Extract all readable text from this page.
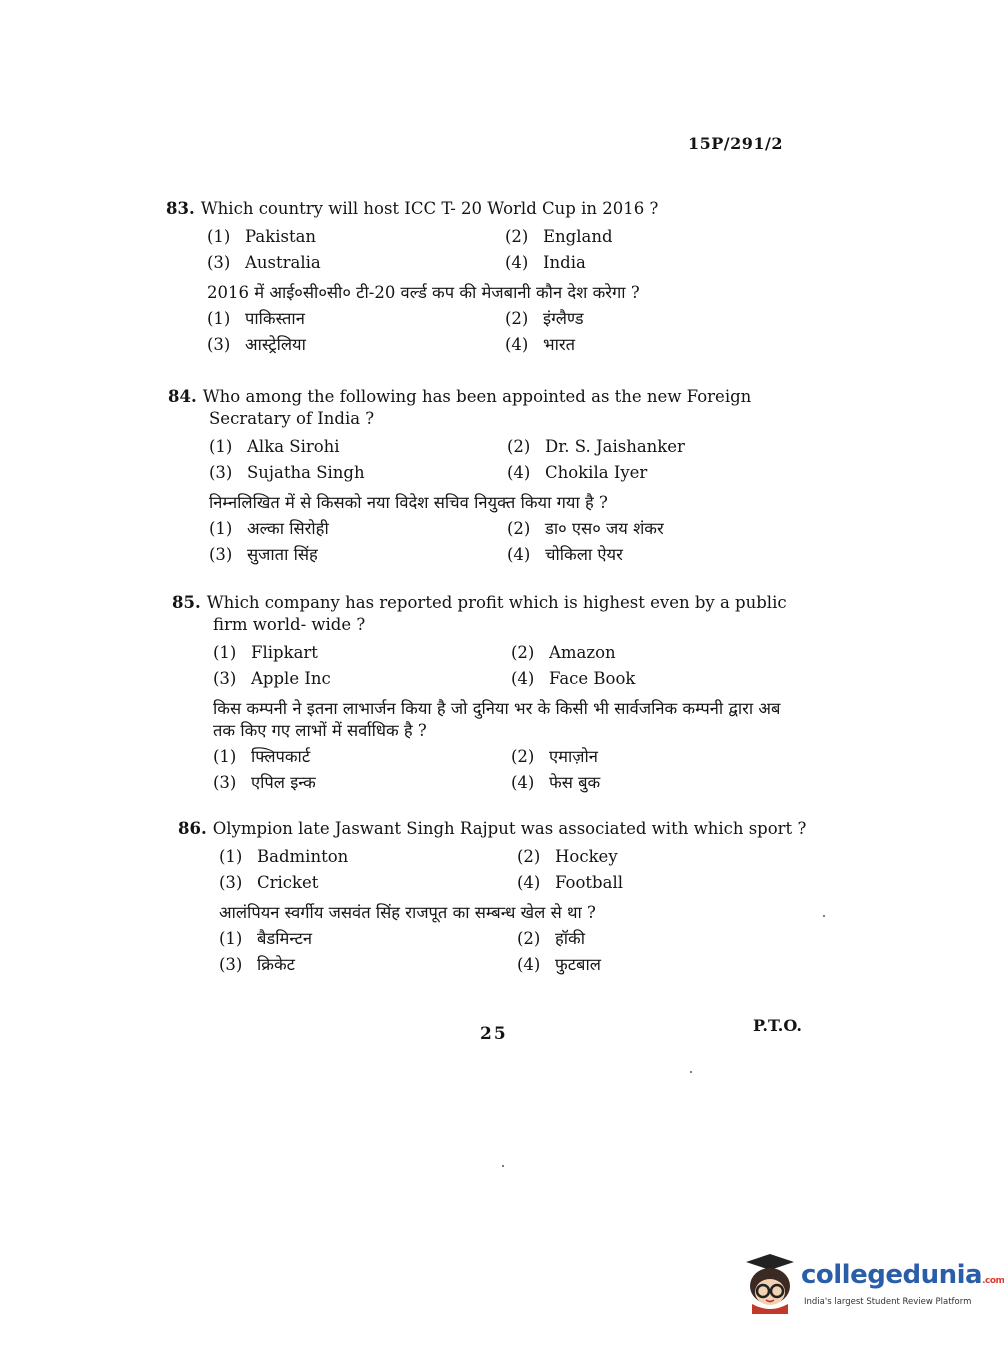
15P/291/2
83. Which country will host ICC T- 20 World Cup in 2016 ?
(1) Pakistan	(2) England
(3) Australia	(4) India
2016 में आई०सी०सी० टी-20 वर्ल्ड कप की मेजबानी कौन देश करेगा ?
(1) पाकिस्तान	(2) इंग्लैण्ड
(3) आस्ट्रेलिया	(4) भारत
84. Who among the following has been appointed as the new Foreign
Secratary of India ?
(1) Alka Sirohi	(2) Dr. S. Jaishanker
(3) Sujatha Singh	(4) Chokila Iyer
निम्नलिखित में से किसको नया विदेश सचिव नियुक्त किया गया है ?
(1) अल्का सिरोही	(2) डा० एस० जय शंकर
(3) सुजाता सिंह	(4) चोकिला ऐयर
85. Which company has reported profit which is highest even by a public
firm world- wide ?
(1) Flipkart	(2) Amazon
(3) Apple Inc	(4) Face Book
किस कम्पनी ने इतना लाभार्जन किया है जो दुनिया भर के किसी भी सार्वजनिक कम्पनी द्वारा अब तक किए गए लाभों में सर्वाधिक है ?
(1) फ्लिपकार्ट	(2) एमाज़ोन
(3) एपिल इन्क	(4) फेस बुक
86. Olympion late Jaswant Singh Rajput was associated with which sport ?
(1) Badminton	(2) Hockey
(3) Cricket	(4) Football
आलंपियन स्वर्गीय जसवंत सिंह राजपूत का सम्बन्ध खेल से था ?
(1) बैडमिन्टन	(2) हॉकी
(3) क्रिकेट	(4) फुटबाल
25	P.T.O.
collegedunia.com
India's largest Student Review Platform
